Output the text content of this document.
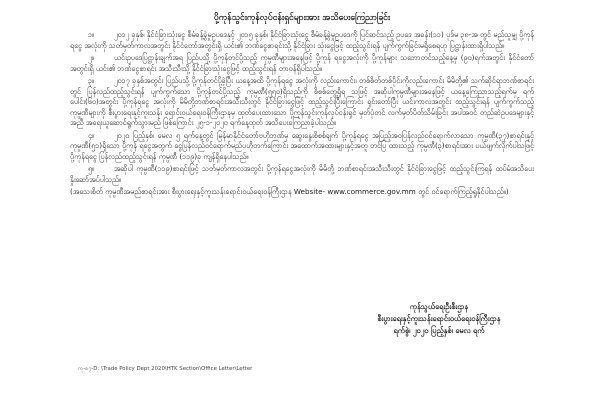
ပို့ကုန်သွင်းကုန်လုပ်ငန်းရှင်များအား အသိပေးကြေညာခြင်း
၁။	၂၀၁၂ ခုနှစ်၊ နိုင်ငံခြားသုံးငွေ စီမံခန့်ခွဲမှုဥပဒေနှင့် ၂၀၁၅ ခုနှစ်၊ နိုင်ငံခြားသုံးငွေ စီမံခန့်ခွဲမှုဥပဒေကို ပြင်ဆင်သည့် ဥပဒေ အခန်း(၁၁) ပုဒ်မ ၃၈-အ တွင် မည်သူမျှ ပို့ကုန်ရငွေ အလုံးကို သတ်မှတ်ကာလအတွင်း နိုင်ငံတော်အတွင်းရှိ ယင်း၏ ဘဏ်ငွေစာရင်းသို့ နိုင်ငံခြား သုံးငွေဖြင့် ထည့်သွင်းရန် ပျက်ကွက်ခြင်းမရှိစေရဟု ပြဋ္ဌာန်းထားရှိပါသည်။
၂။	ယင်းဥပဒေပြဋ္ဌာန်းချက်အရ ပြည်ပသို့ ပို့ကုန်တင်ပို့သည့် ကုမ္ပဏီများအနေဖြင့် ပို့ကုန် ရငွေအလုံးကို ပို့ကုန်များ သဘောတင်သည့်နေ့မှ (၉၀)ရက်အတွင်း နိုင်ငံတော်အတွင်းရှိ ယင်း၏ ဘဏ်ငွေစာရင်း အသီးသီးသို့ နိုင်ငံခြားသုံးငွေဖြင့် ထည့်သွင်းရန် တာဝန်ရှိပါသည်။
၃။	၂၀၁၇ ခုနှစ်အတွင်း ပြည်ပသို့ ပို့ကုန်တင်ပို့ခဲ့ပြီး ယနေ့အထိ ပို့ကုန်ရငွေ အလုံးကို လည်းကောင်း၊ တစ်စိတ်တစ်ပိုင်းကိုလည်းကောင်း မိမိတို့၏ သက်ဆိုင်ရာဘဏ်စာရင်းတွင် ပြန်လည်ထည့်သွင်းရန် ပျက်ကွက်သော ပို့ကုန်တင်ပို့သည့် ကုမ္ပဏီ(၅၅၀)ရှိသည်ကို စိစစ်တွေ့ရှိရ သဖြင့် အဆိုပါကုမ္ပဏီများအနေဖြင့် ယနေ့ကြေညာသည့်ရက်မှ ရက်ပေါင်း(၆၀)အတွင်း ပို့ကုန်ရငွေ အလုံးကို မိမိတို့ဘဏ်စာရင်းအသီးသီးတွင် နိုင်ငံခြားငွေဖြင့် ထည့်သွင်းပြီးကြောင်း ရှင်းတော်ပြီး ယင်းကာလအတွင်း ထည့်သွင်းရန် ပျက်ကွက်သည့် ကုမ္ပဏီများကို စီးပွားရေးနှင့်ကူးသန်း ရောင်းဝယ်ရေးဝန်ကြီးဌာနမှ ထုတ်ပေးထားသော ပို့ကုန်သွင်းကုန်လုပ်ငန်းရှင် မှတ်ပုံတင် လက်မှတ်ပိတ်သိမ်းခြင်း အပါအဝင် တည်ဆဲဥပဒေများနှင့်အညီ အရေးယူဆောင်ရွက်သွားမည် ဖြစ်ကြောင်း ၂၅-၁-၂၀၂၀ ရက်နေ့ထုတ် အသိပေးကြေညာခဲ့ပါသည်။
၄။	၂၀၂၀ ပြည့်နှစ်၊ မေလ ၅ ရက်နေ့တွင် မြန်မာနိုင်ငံတော်ဗဟိုဘဏ်မှ ဆွေးနွေးစိစစ်ချက် ပို့ကုန်ရငွေ အပြည့်အဝပြန်လည်ဝင်ရောက်လာသော ကုမ္ပဏီ(၃၇)စာရင်းနှင့်ကုမ္ပဏီ(၅၁)ရှိသော ပို့ကုန် ရငွေအတွက် ငွေပြန်လည်ဝင်ရောက်မည်ပဟိုတက်ကြောင်း အထောက်အထားများနှင့်အတူ တင်ပြ ထားသည့် ကုမ္ပဏီ(၃)စာရင်းအား ပယ်ဖျက်လိုက်ပါသဖြင့် ပို့ကုန်ရငွေ ပြန်လည်ထည့်သွင်းရန် ကုမ္ပဏီ (၁၁၉)ခု ကျန်ရှိနေပါသည်။
၅။	အဆိုပါ ကုမ္ပဏီ(၁၁၉)စာရင်းဖြင့် သတ်မှတ်ကာလအတွင်း ပို့ကုန်ရငွေအလုံးကို မိမိတို့ ဘဏ်စာရင်းအသီးသီးတွင် နိုင်ငံခြားငွေဖြင့် ထည့်သွင်းကြရန် ထပ်မံအသိပေးနှိုးဆော်အပ်ပါသည်။
(အသေးစိတ် ကုမ္ပဏီအမည်စာရင်းအား စီးပွားရေးနှင့်ကူးသန်းရောင်းဝယ်ရေးဝန်ကြီးဌာန Website- www.commerce.gov.mm တွင် ဝင်ရောက်ကြည့်ရှုနိုင်ပါသည်။)
ကုန်သွယ်ရေးဦးစီးဌာန
စီးပွားရေးနှင့်ကူးသန်းရောင်းဝယ်ရေးဝန်ကြီးဌာန
ရက်စွဲ၊ ၂၀၂၀ ပြည့်နှစ်၊ မေလ ရက်
ကု-၈၇-D: \Trade Policy Dept 2020\HTK Section\Office Letter\Letter
